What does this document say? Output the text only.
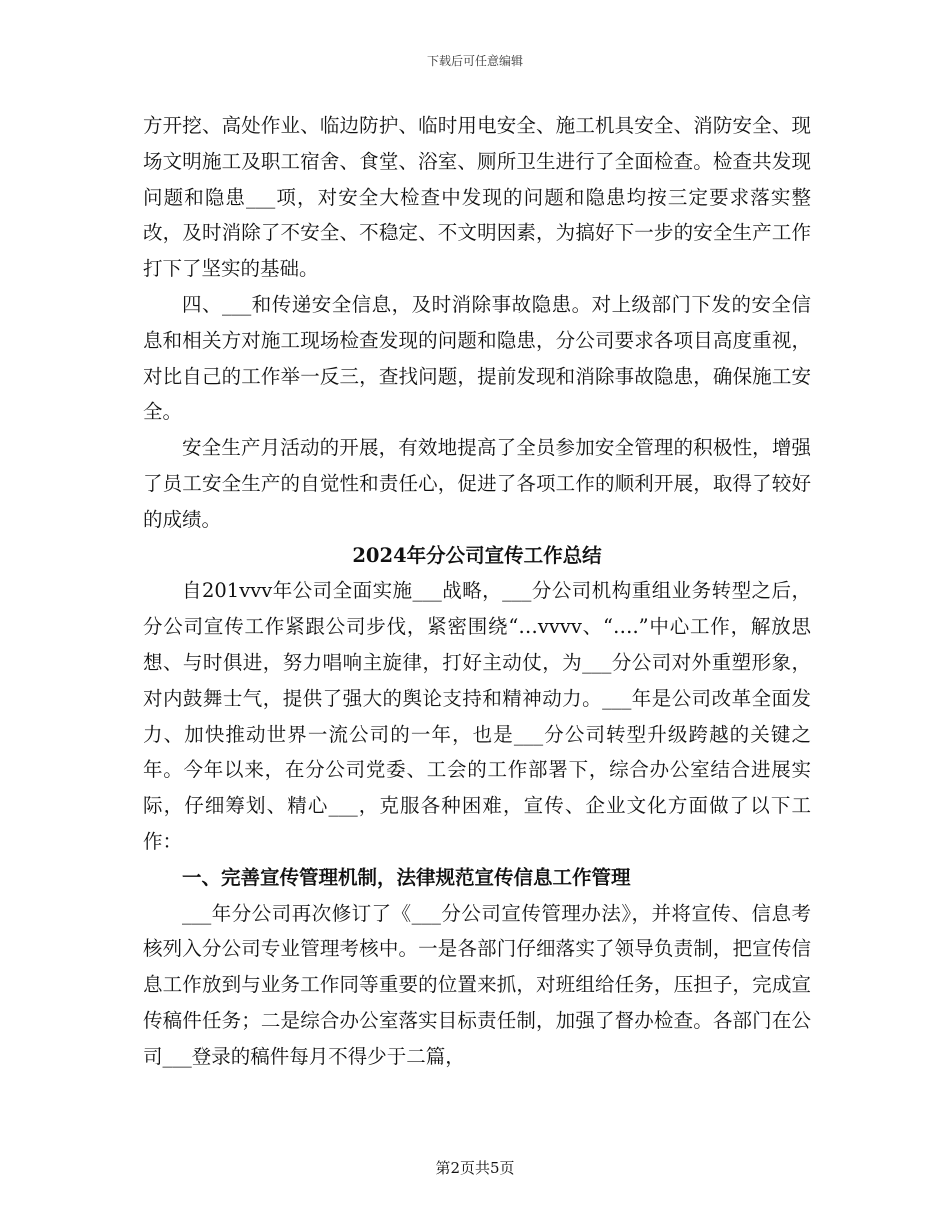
下载后可任意编辑

方开挖、高处作业、临边防护、临时用电安全、施工机具安全、消防安全、现场文明施工及职工宿舍、食堂、浴室、厕所卫生进行了全面检查。检查共发现问题和隐患___项，对安全大检查中发现的问题和隐患均按三定要求落实整改，及时消除了不安全、不稳定、不文明因素，为搞好下一步的安全生产工作打下了坚实的基础。

四、___和传递安全信息，及时消除事故隐患。对上级部门下发的安全信息和相关方对施工现场检查发现的问题和隐患，分公司要求各项目高度重视，对比自己的工作举一反三，查找问题，提前发现和消除事故隐患，确保施工安全。

安全生产月活动的开展，有效地提高了全员参加安全管理的积极性，增强了员工安全生产的自觉性和责任心，促进了各项工作的顺利开展，取得了较好的成绩。

2024年分公司宣传工作总结

自201vvv年公司全面实施___战略，___分公司机构重组业务转型之后，分公司宣传工作紧跟公司步伐，紧密围绕“…vvvv、“….”中心工作，解放思想、与时俱进，努力唱响主旋律，打好主动仗，为___分公司对外重塑形象，对内鼓舞士气，提供了强大的舆论支持和精神动力。___年是公司改革全面发力、加快推动世界一流公司的一年，也是___分公司转型升级跨越的关键之年。今年以来，在分公司党委、工会的工作部署下，综合办公室结合进展实际，仔细筹划、精心___，克服各种困难，宣传、企业文化方面做了以下工作：

一、完善宣传管理机制，法律规范宣传信息工作管理

___年分公司再次修订了《___分公司宣传管理办法》，并将宣传、信息考核列入分公司专业管理考核中。一是各部门仔细落实了领导负责制，把宣传信息工作放到与业务工作同等重要的位置来抓，对班组给任务，压担子，完成宣传稿件任务；二是综合办公室落实目标责任制，加强了督办检查。各部门在公司___登录的稿件每月不得少于二篇，

第2页共5页
